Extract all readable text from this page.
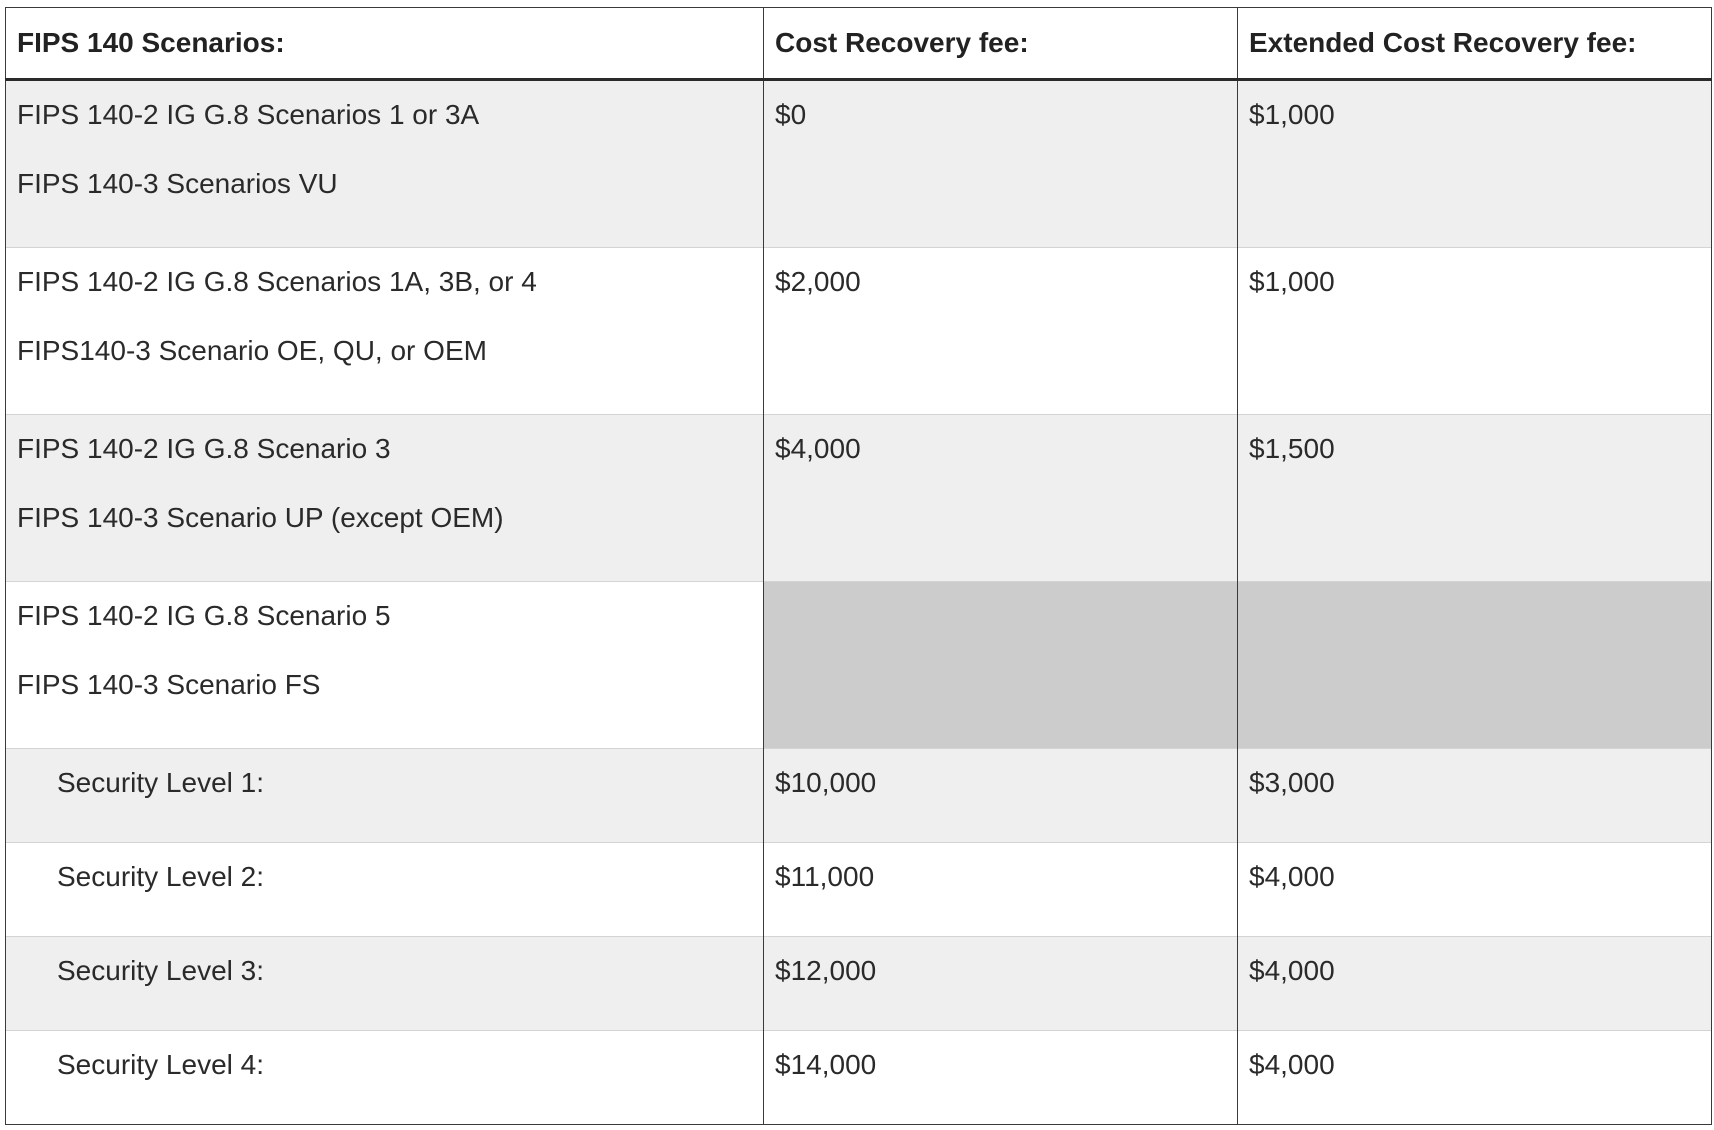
FIPS 140 Scenarios:	Cost Recovery fee:	Extended Cost Recovery fee:

FIPS 140-2 IG G.8 Scenarios 1 or 3A
FIPS 140-3 Scenarios VU	$0	$1,000

FIPS 140-2 IG G.8 Scenarios 1A, 3B, or 4
FIPS140-3 Scenario OE, QU, or OEM	$2,000	$1,000

FIPS 140-2 IG G.8 Scenario 3
FIPS 140-3 Scenario UP (except OEM)	$4,000	$1,500

FIPS 140-2 IG G.8 Scenario 5
FIPS 140-3 Scenario FS		

Security Level 1:	$10,000	$3,000

Security Level 2:	$11,000	$4,000

Security Level 3:	$12,000	$4,000

Security Level 4:	$14,000	$4,000
